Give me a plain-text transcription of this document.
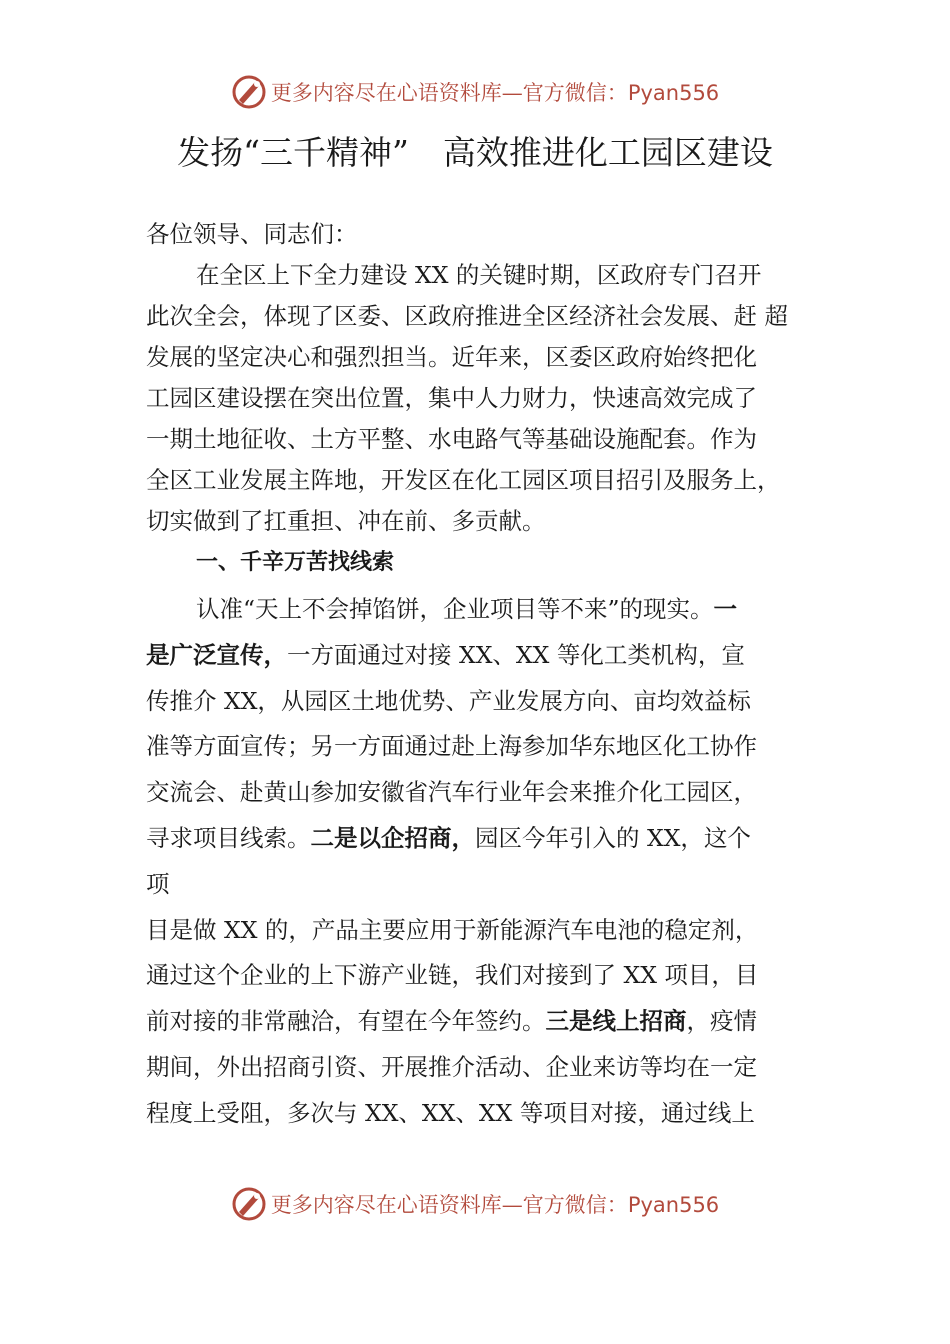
更多内容尽在心语资料库—官方微信：Pyan556
发扬“三千精神” 高效推进化工园区建设
各位领导、同志们：
在全区上下全力建设 XX 的关键时期，区政府专门召开
此次全会，体现了区委、区政府推进全区经济社会发展、赶 超
发展的坚定决心和强烈担当。近年来，区委区政府始终把化
工园区建设摆在突出位置，集中人力财力，快速高效完成了
一期土地征收、土方平整、水电路气等基础设施配套。作为
全区工业发展主阵地，开发区在化工园区项目招引及服务上，
切实做到了扛重担、冲在前、多贡献。
一、千辛万苦找线索
认准“天上不会掉馅饼，企业项目等不来”的现实。一
是广泛宣传，一方面通过对接 XX、XX 等化工类机构，宣
传推介 XX，从园区土地优势、产业发展方向、亩均效益标
准等方面宣传；另一方面通过赴上海参加华东地区化工协作
交流会、赴黄山参加安徽省汽车行业年会来推介化工园区，
寻求项目线索。二是以企招商，园区今年引入的 XX，这个
项
目是做 XX 的，产品主要应用于新能源汽车电池的稳定剂，
通过这个企业的上下游产业链，我们对接到了 XX 项目，目
前对接的非常融洽，有望在今年签约。三是线上招商，疫情
期间，外出招商引资、开展推介活动、企业来访等均在一定
程度上受阻，多次与 XX、XX、XX 等项目对接，通过线上
更多内容尽在心语资料库—官方微信：Pyan556
